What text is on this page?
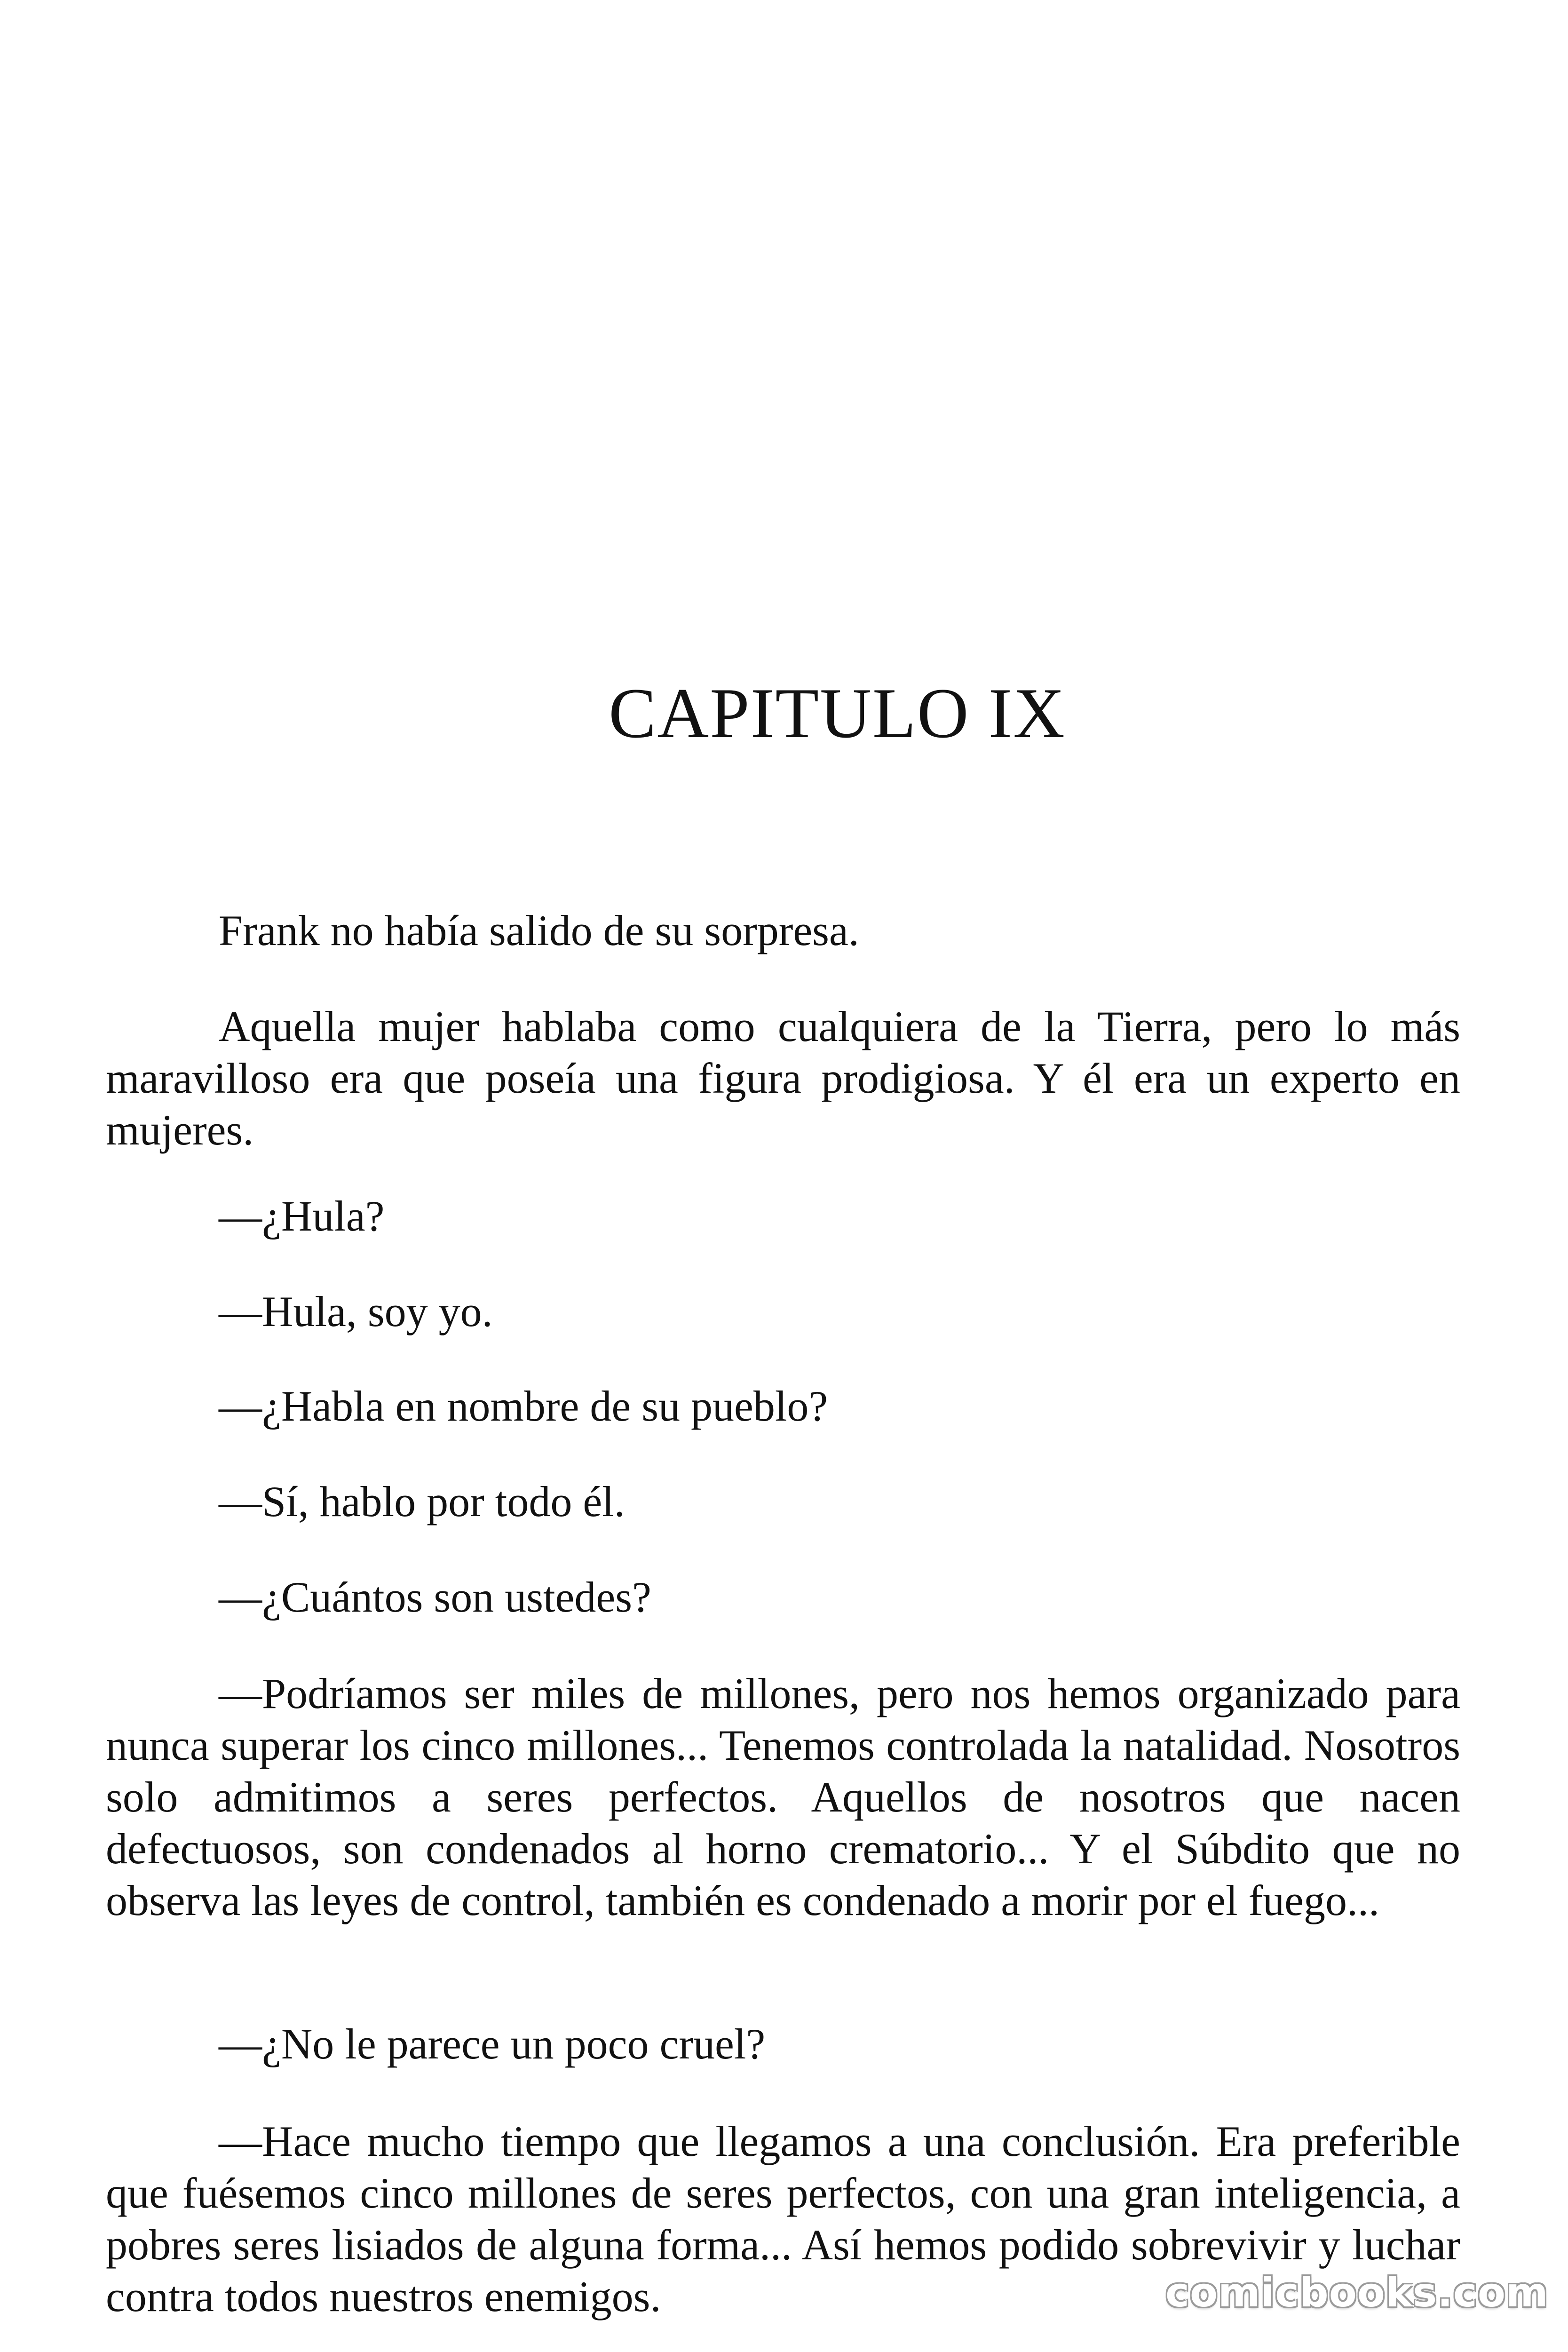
CAPITULO IX

Frank no había salido de su sorpresa.

Aquella mujer hablaba como cualquiera de la Tierra, pero lo más maravilloso era que poseía una figura prodigiosa. Y él era un experto en mujeres.

—¿Hula?

—Hula, soy yo.

—¿Habla en nombre de su pueblo?

—Sí, hablo por todo él.

—¿Cuántos son ustedes?

—Podríamos ser miles de millones, pero nos hemos organizado para nunca superar los cinco millones... Tenemos controlada la natalidad. Nosotros solo admitimos a seres perfectos. Aquellos de nosotros que nacen defectuosos, son condenados al horno crematorio... Y el Súbdito que no observa las leyes de control, también es condenado a morir por el fuego...

—¿No le parece un poco cruel?

—Hace mucho tiempo que llegamos a una conclusión. Era preferible que fuésemos cinco millones de seres perfectos, con una gran inteligencia, a pobres seres lisiados de alguna forma... Así hemos podido sobrevivir y luchar contra todos nuestros enemigos.	comicbooks.com
